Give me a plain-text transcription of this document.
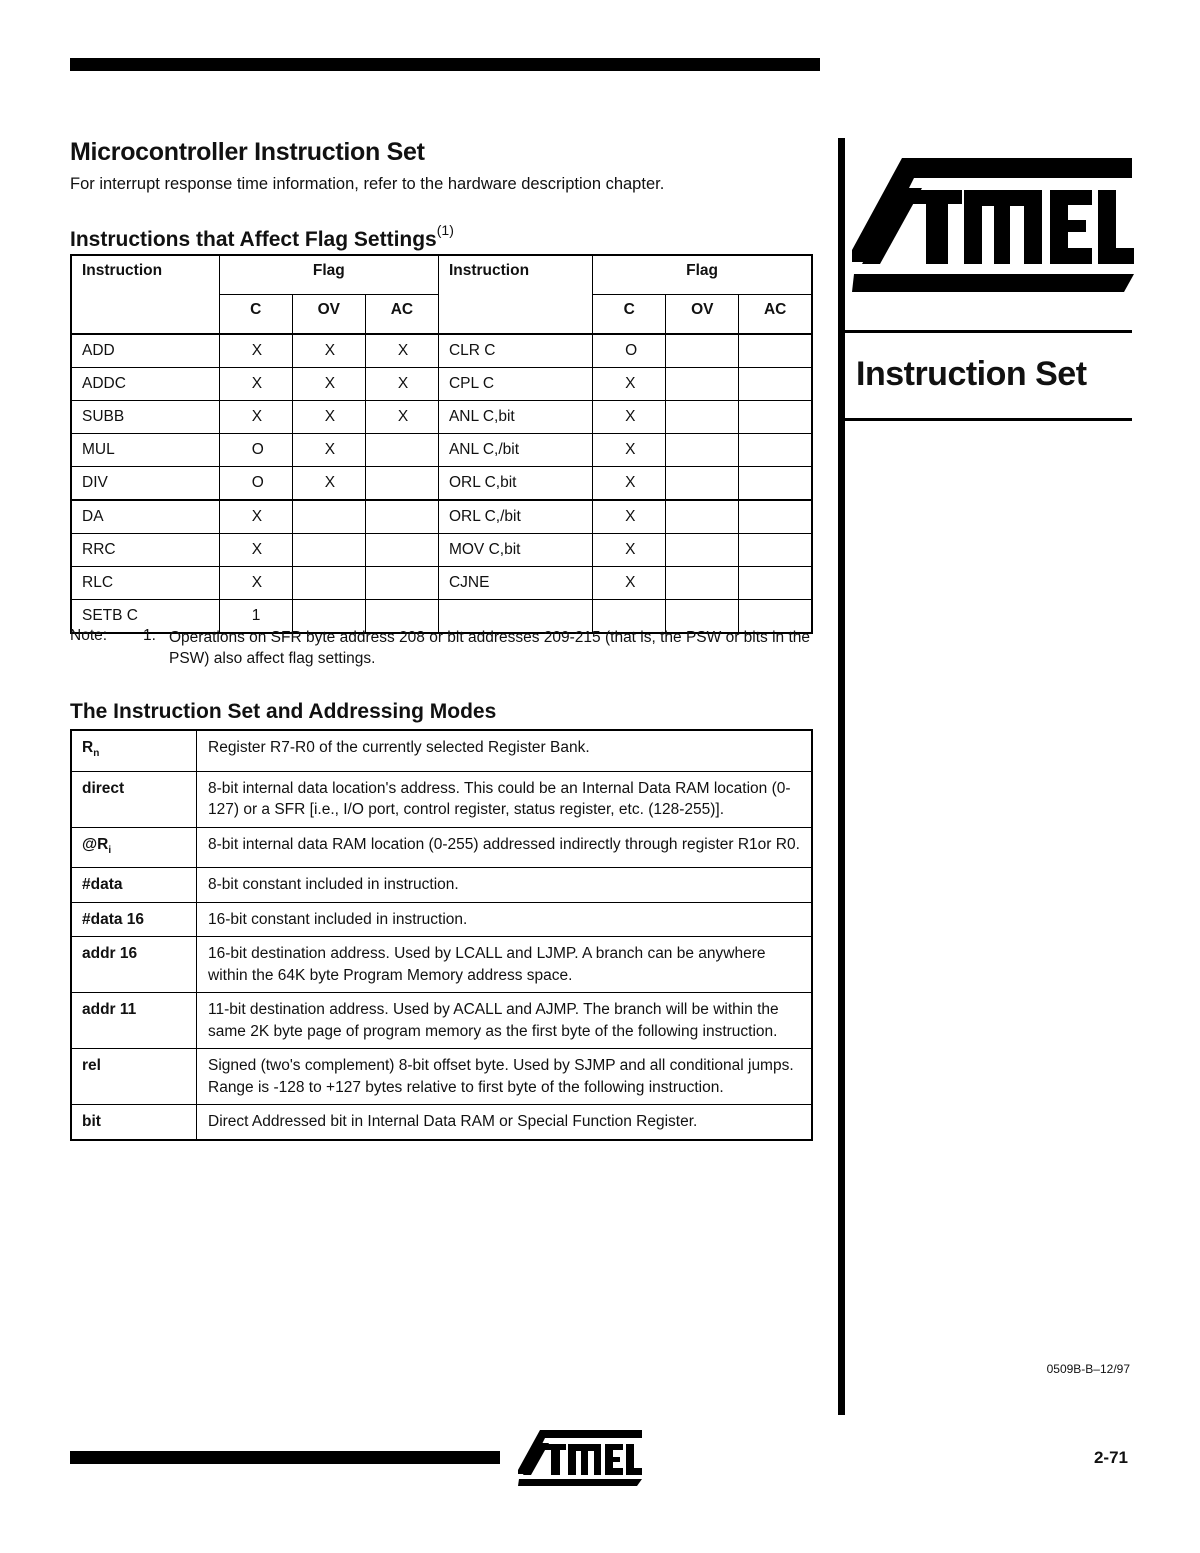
Instruction Set
Microcontroller Instruction Set
For interrupt response time information, refer to the hardware description chapter.
Instructions that Affect Flag Settings$^{(1)}$
Instruction	Flag			Instruction	Flag		
	C	OV	AC		C	OV	AC
ADD	X	X	X	CLR C	O		
ADDC	X	X	X	CPL C	X		
SUBB	X	X	X	ANL C,bit	X		
MUL	O	X		ANL C,/bit	X		
DIV	O	X		ORL C,bit	X		
DA	X			ORL C,/bit	X		
RRC	X			MOV C,bit	X		
RLC	X			CJNE	X		
SETB C	1						
Note: 1. Operations on SFR byte address 208 or bit addresses 209-215 (that is, the PSW or bits in the PSW) also affect flag settings.
The Instruction Set and Addressing Modes
$R_n$	Register R7-R0 of the currently selected Register Bank.
direct	8-bit internal data location's address. This could be an Internal Data RAM location (0-127) or a SFR [i.e., I/O port, control register, status register, etc. (128-255)].
$@R_i$	8-bit internal data RAM location (0-255) addressed indirectly through register R1or R0.
#data	8-bit constant included in instruction.
#data 16	16-bit constant included in instruction.
addr 16	16-bit destination address. Used by LCALL and LJMP. A branch can be anywhere within the 64K byte Program Memory address space.
addr 11	11-bit destination address. Used by ACALL and AJMP. The branch will be within the same 2K byte page of program memory as the first byte of the following instruction.
rel	Signed (two's complement) 8-bit offset byte. Used by SJMP and all conditional jumps. Range is -128 to +127 bytes relative to first byte of the following instruction.
bit	Direct Addressed bit in Internal Data RAM or Special Function Register.
0509B-B–12/97
2-71
